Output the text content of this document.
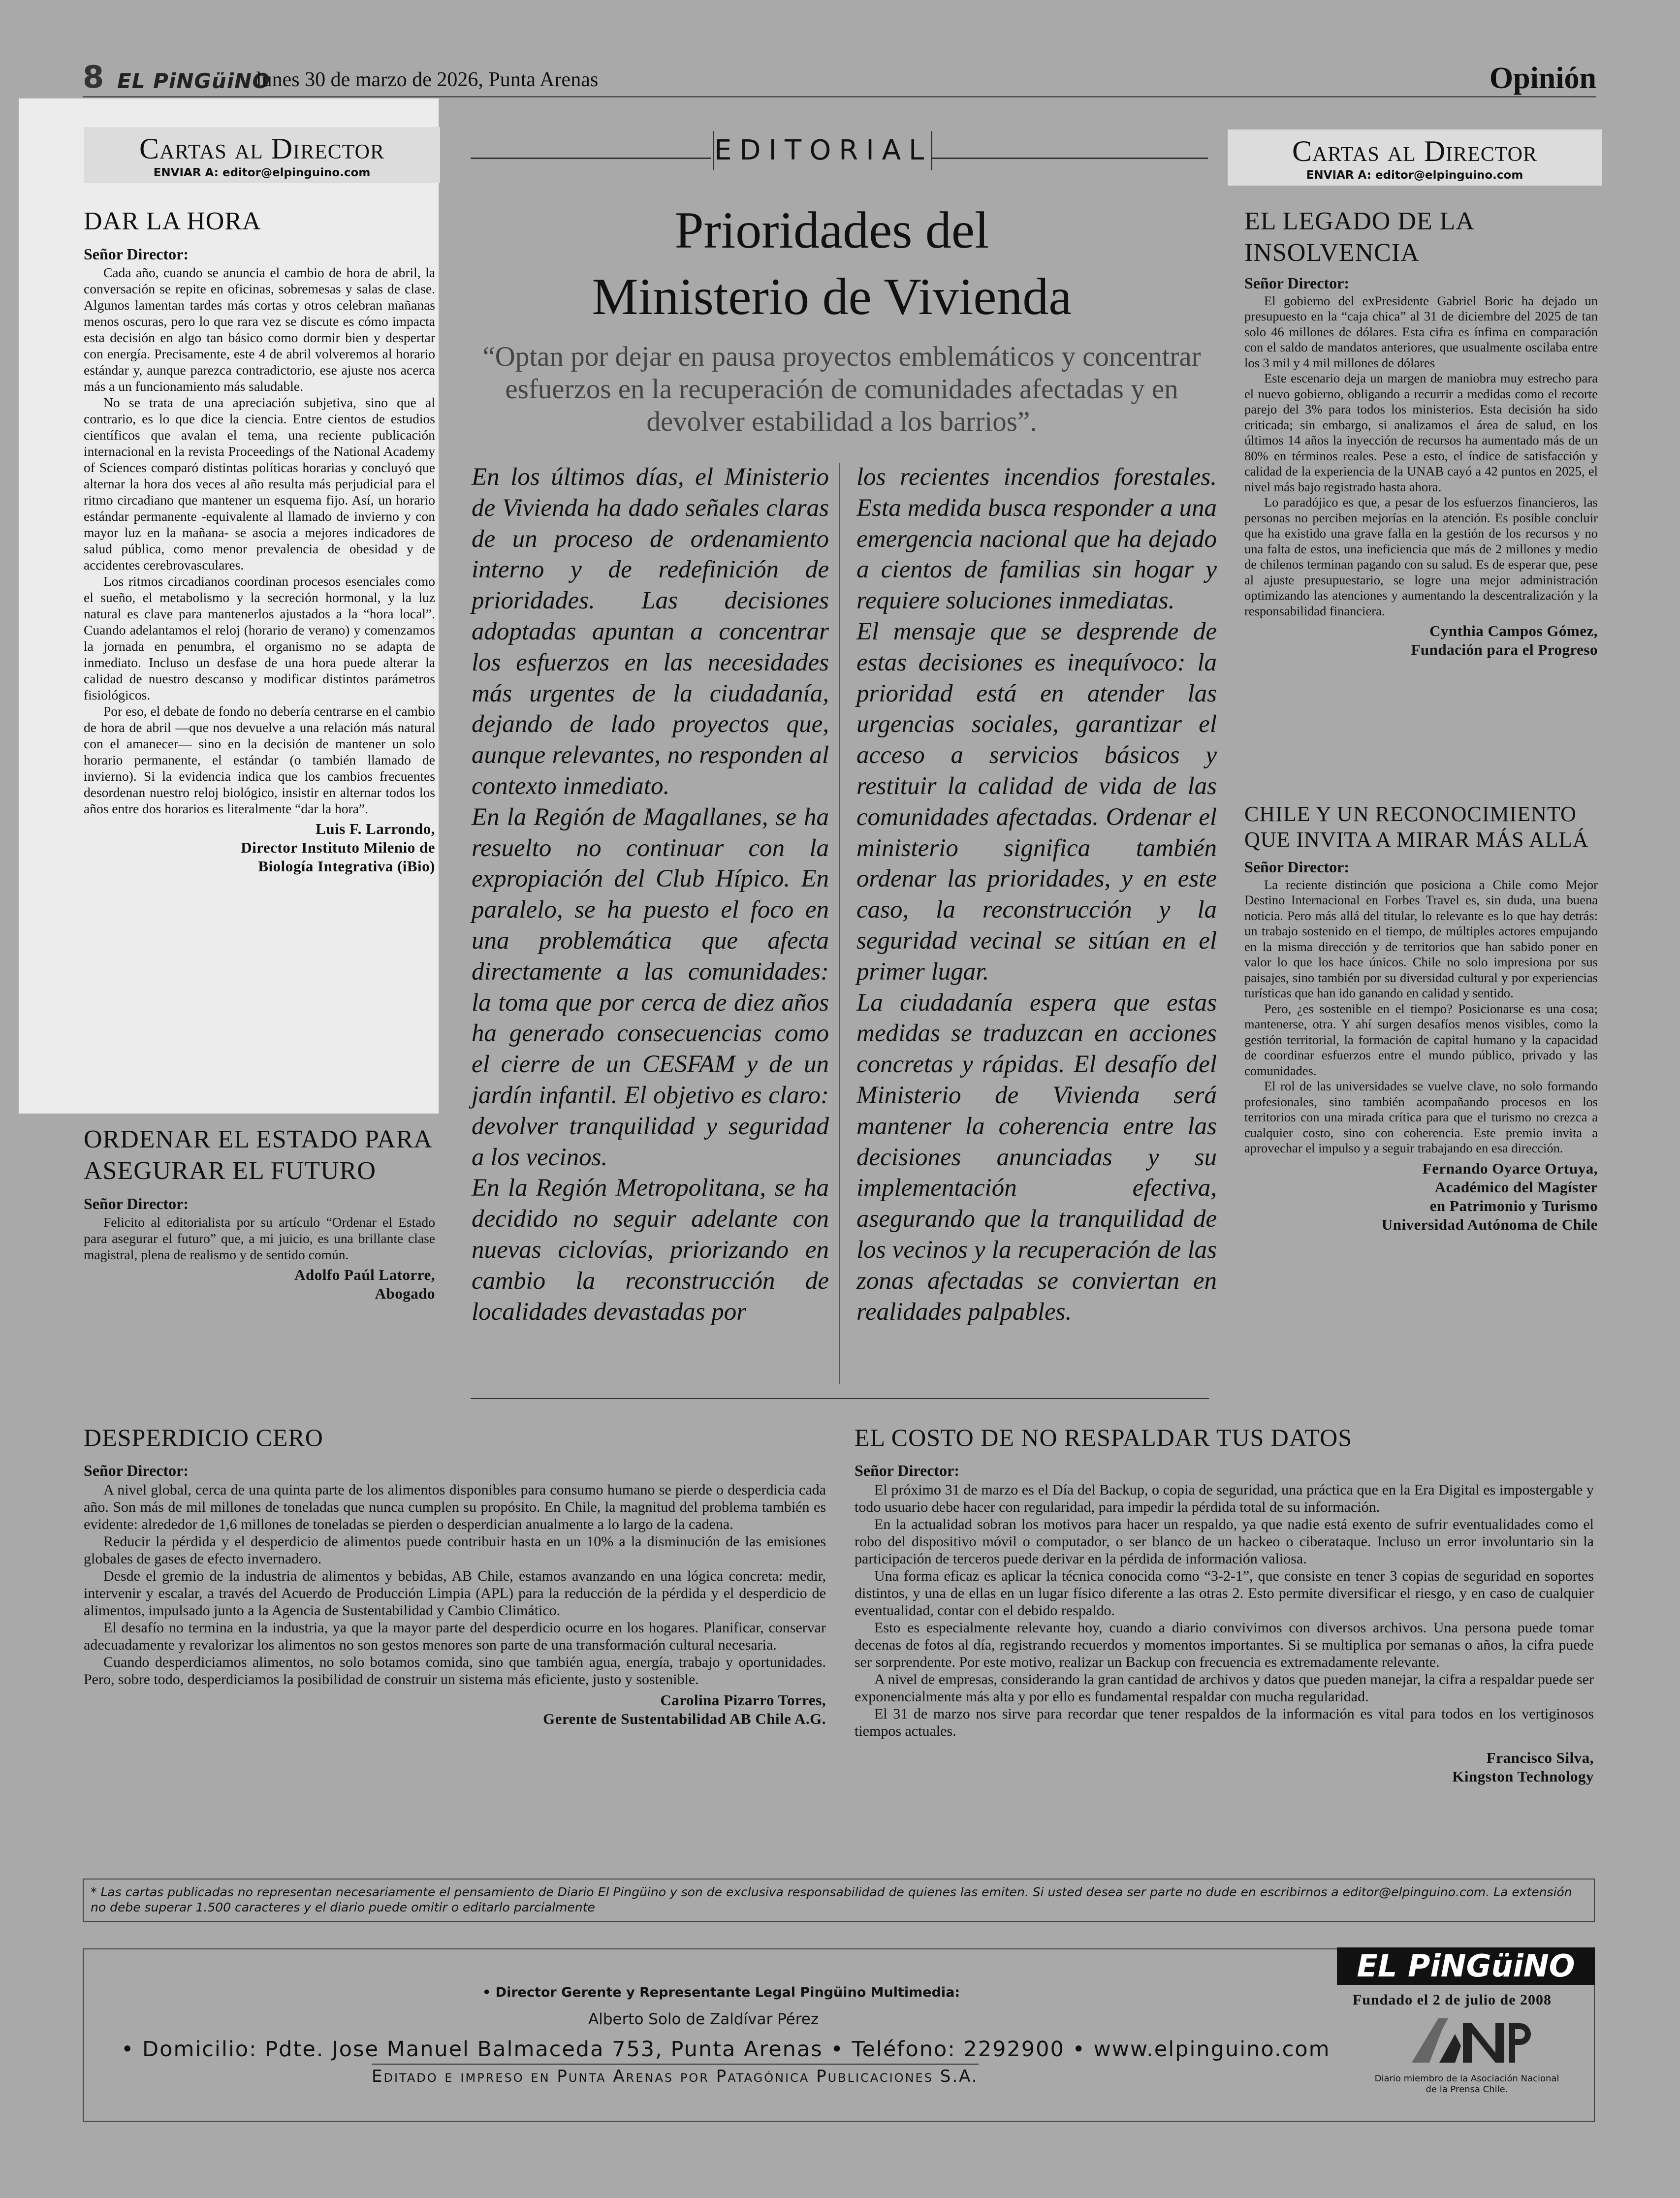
8 EL PiNGüiNO
lunes 30 de marzo de 2026, Punta Arenas	Opinión
Cartas al Director
ENVIAR A: editor@elpinguino.com
DAR LA HORA
Señor Director:

Cada año, cuando se anuncia el cambio de hora de abril, la conversación se repite en oficinas, sobremesas y salas de clase. Algunos lamentan tardes más cortas y otros celebran mañanas menos oscuras, pero lo que rara vez se discute es cómo impacta esta decisión en algo tan básico como dormir bien y despertar con energía. Precisamente, este 4 de abril volveremos al horario estándar y, aunque parezca contradictorio, ese ajuste nos acerca más a un funcionamiento más saludable.

No se trata de una apreciación subjetiva, sino que al contrario, es lo que dice la ciencia. Entre cientos de estudios científicos que avalan el tema, una reciente publicación internacional en la revista Proceedings of the National Academy of Sciences comparó distintas políticas horarias y concluyó que alternar la hora dos veces al año resulta más perjudicial para el ritmo circadiano que mantener un esquema fijo. Así, un horario estándar permanente -equivalente al llamado de invierno y con mayor luz en la mañana- se asocia a mejores indicadores de salud pública, como menor prevalencia de obesidad y de accidentes cerebrovasculares.

Los ritmos circadianos coordinan procesos esenciales como el sueño, el metabolismo y la secreción hormonal, y la luz natural es clave para mantenerlos ajustados a la “hora local”. Cuando adelantamos el reloj (horario de verano) y comenzamos la jornada en penumbra, el organismo no se adapta de inmediato. Incluso un desfase de una hora puede alterar la calidad de nuestro descanso y modificar distintos parámetros fisiológicos.

Por eso, el debate de fondo no debería centrarse en el cambio de hora de abril —que nos devuelve a una relación más natural con el amanecer— sino en la decisión de mantener un solo horario permanente, el estándar (o también llamado de invierno). Si la evidencia indica que los cambios frecuentes desordenan nuestro reloj biológico, insistir en alternar todos los años entre dos horarios es literalmente “dar la hora”.

Luis F. Larrondo,
Director Instituto Milenio de
Biología Integrativa (iBio)
ORDENAR EL ESTADO PARA ASEGURAR EL FUTURO
Señor Director:

Felicito al editorialista por su artículo “Ordenar el Estado para asegurar el futuro” que, a mi juicio, es una brillante clase magistral, plena de realismo y de sentido común.

Adolfo Paúl Latorre,
Abogado
EDITORIAL
Prioridades del
Ministerio de Vivienda
“Optan por dejar en pausa proyectos emblemáticos y concentrar esfuerzos en la recuperación de comunidades afectadas y en devolver estabilidad a los barrios”.

En los últimos días, el Ministerio de Vivienda ha dado señales claras de un proceso de ordenamiento interno y de redefinición de prioridades. Las decisiones adoptadas apuntan a concentrar los esfuerzos en las necesidades más urgentes de la ciudadanía, dejando de lado proyectos que, aunque relevantes, no responden al contexto inmediato.

En la Región de Magallanes, se ha resuelto no continuar con la expropiación del Club Hípico. En paralelo, se ha puesto el foco en una problemática que afecta directamente a las comunidades: la toma que por cerca de diez años ha generado consecuencias como el cierre de un CESFAM y de un jardín infantil. El objetivo es claro: devolver tranquilidad y seguridad a los vecinos.

En la Región Metropolitana, se ha decidido no seguir adelante con nuevas ciclovías, priorizando en cambio la reconstrucción de localidades devastadas por

los recientes incendios forestales. Esta medida busca responder a una emergencia nacional que ha dejado a cientos de familias sin hogar y requiere soluciones inmediatas.

El mensaje que se desprende de estas decisiones es inequívoco: la prioridad está en atender las urgencias sociales, garantizar el acceso a servicios básicos y restituir la calidad de vida de las comunidades afectadas. Ordenar el ministerio significa también ordenar las prioridades, y en este caso, la reconstrucción y la seguridad vecinal se sitúan en el primer lugar.

La ciudadanía espera que estas medidas se traduzcan en acciones concretas y rápidas. El desafío del Ministerio de Vivienda será mantener la coherencia entre las decisiones anunciadas y su implementación efectiva, asegurando que la tranquilidad de los vecinos y la recuperación de las zonas afectadas se conviertan en realidades palpables.

Cartas al Director
ENVIAR A: editor@elpinguino.com
EL LEGADO DE LA INSOLVENCIA
Señor Director:

El gobierno del exPresidente Gabriel Boric ha dejado un presupuesto en la “caja chica” al 31 de diciembre del 2025 de tan solo 46 millones de dólares. Esta cifra es ínfima en comparación con el saldo de mandatos anteriores, que usualmente oscilaba entre los 3 mil y 4 mil millones de dólares

Este escenario deja un margen de maniobra muy estrecho para el nuevo gobierno, obligando a recurrir a medidas como el recorte parejo del 3% para todos los ministerios. Esta decisión ha sido criticada; sin embargo, si analizamos el área de salud, en los últimos 14 años la inyección de recursos ha aumentado más de un 80% en términos reales. Pese a esto, el índice de satisfacción y calidad de la experiencia de la UNAB cayó a 42 puntos en 2025, el nivel más bajo registrado hasta ahora.

Lo paradójico es que, a pesar de los esfuerzos financieros, las personas no perciben mejorías en la atención. Es posible concluir que ha existido una grave falla en la gestión de los recursos y no una falta de estos, una ineficiencia que más de 2 millones y medio de chilenos terminan pagando con su salud. Es de esperar que, pese al ajuste presupuestario, se logre una mejor administración optimizando las atenciones y aumentando la descentralización y la responsabilidad financiera.

Cynthia Campos Gómez,
Fundación para el Progreso
CHILE Y UN RECONOCIMIENTO QUE INVITA A MIRAR MÁS ALLÁ
Señor Director:

La reciente distinción que posiciona a Chile como Mejor Destino Internacional en Forbes Travel es, sin duda, una buena noticia. Pero más allá del titular, lo relevante es lo que hay detrás: un trabajo sostenido en el tiempo, de múltiples actores empujando en la misma dirección y de territorios que han sabido poner en valor lo que los hace únicos. Chile no solo impresiona por sus paisajes, sino también por su diversidad cultural y por experiencias turísticas que han ido ganando en calidad y sentido.

Pero, ¿es sostenible en el tiempo? Posicionarse es una cosa; mantenerse, otra. Y ahí surgen desafíos menos visibles, como la gestión territorial, la formación de capital humano y la capacidad de coordinar esfuerzos entre el mundo público, privado y las comunidades.

El rol de las universidades se vuelve clave, no solo formando profesionales, sino también acompañando procesos en los territorios con una mirada crítica para que el turismo no crezca a cualquier costo, sino con coherencia. Este premio invita a aprovechar el impulso y a seguir trabajando en esa dirección.

Fernando Oyarce Ortuya,
Académico del Magíster
en Patrimonio y Turismo
Universidad Autónoma de Chile
DESPERDICIO CERO
Señor Director:

A nivel global, cerca de una quinta parte de los alimentos disponibles para consumo humano se pierde o desperdicia cada año. Son más de mil millones de toneladas que nunca cumplen su propósito. En Chile, la magnitud del problema también es evidente: alrededor de 1,6 millones de toneladas se pierden o desperdician anualmente a lo largo de la cadena.

Reducir la pérdida y el desperdicio de alimentos puede contribuir hasta en un 10% a la disminución de las emisiones globales de gases de efecto invernadero.

Desde el gremio de la industria de alimentos y bebidas, AB Chile, estamos avanzando en una lógica concreta: medir, intervenir y escalar, a través del Acuerdo de Producción Limpia (APL) para la reducción de la pérdida y el desperdicio de alimentos, impulsado junto a la Agencia de Sustentabilidad y Cambio Climático.

El desafío no termina en la industria, ya que la mayor parte del desperdicio ocurre en los hogares. Planificar, conservar adecuadamente y revalorizar los alimentos no son gestos menores son parte de una transformación cultural necesaria.

Cuando desperdiciamos alimentos, no solo botamos comida, sino que también agua, energía, trabajo y oportunidades. Pero, sobre todo, desperdiciamos la posibilidad de construir un sistema más eficiente, justo y sostenible.

Carolina Pizarro Torres,
Gerente de Sustentabilidad AB Chile A.G.
EL COSTO DE NO RESPALDAR TUS DATOS
Señor Director:

El próximo 31 de marzo es el Día del Backup, o copia de seguridad, una práctica que en la Era Digital es impostergable y todo usuario debe hacer con regularidad, para impedir la pérdida total de su información.

En la actualidad sobran los motivos para hacer un respaldo, ya que nadie está exento de sufrir eventualidades como el robo del dispositivo móvil o computador, o ser blanco de un hackeo o ciberataque. Incluso un error involuntario sin la participación de terceros puede derivar en la pérdida de información valiosa.

Una forma eficaz es aplicar la técnica conocida como “3-2-1”, que consiste en tener 3 copias de seguridad en soportes distintos, y una de ellas en un lugar físico diferente a las otras 2. Esto permite diversificar el riesgo, y en caso de cualquier eventualidad, contar con el debido respaldo.

Esto es especialmente relevante hoy, cuando a diario convivimos con diversos archivos. Una persona puede tomar decenas de fotos al día, registrando recuerdos y momentos importantes. Si se multiplica por semanas o años, la cifra puede ser sorprendente. Por este motivo, realizar un Backup con frecuencia es extremadamente relevante.

A nivel de empresas, considerando la gran cantidad de archivos y datos que pueden manejar, la cifra a respaldar puede ser exponencialmente más alta y por ello es fundamental respaldar con mucha regularidad.

El 31 de marzo nos sirve para recordar que tener respaldos de la información es vital para todos en los vertiginosos tiempos actuales.

Francisco Silva,
Kingston Technology
* Las cartas publicadas no representan necesariamente el pensamiento de Diario El Pingüino y son de exclusiva responsabilidad de quienes las emiten. Si usted desea ser parte no dude en escribirnos a editor@elpinguino.com. La extensión no debe superar 1.500 caracteres y el diario puede omitir o editarlo parcialmente
• Director Gerente y Representante Legal Pingüino Multimedia:
Alberto Solo de Zaldívar Pérez
• Domicilio: Pdte. Jose Manuel Balmaceda 753, Punta Arenas • Teléfono: 2292900 • www.elpinguino.com
Editado e impreso en Punta Arenas por Patagónica Publicaciones S.A.
EL PiNGüiNO
Fundado el 2 de julio de 2008
ANP
Diario miembro de la Asociación Nacional de la Prensa Chile.
